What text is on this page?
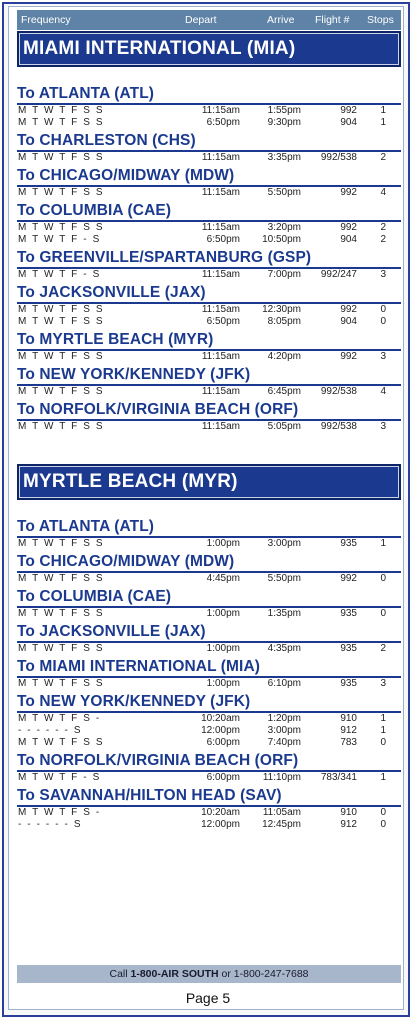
Frequency	Depart	Arrive Flight # Stops
MIAMI INTERNATIONAL (MIA)
To ATLANTA (ATL)
M T W T F S S	11:15am	1:55pm	992 1
M T W T F S S	6:50pm	9:30pm	904 1
To CHARLESTON (CHS)
M T W T F S S	11:15am	3:35pm 992/538 2
To CHICAGO/MIDWAY (MDW)
M T W T F S S	11:15am	5:50pm	992 4
To COLUMBIA (CAE)
M T W T F S S	11:15am	3:20pm	992 2
M T W T F - S	6:50pm 10:50pm	904 2
To GREENVILLE/SPARTANBURG (GSP)
M T W T F - S	11:15am	7:00pm 992/247 3
To JACKSONVILLE (JAX)
M T W T F S S	11:15am 12:30pm	992 0
M T W T F S S	6:50pm	8:05pm	904 0
To MYRTLE BEACH (MYR)
M T W T F S S	11:15am	4:20pm	992 3
To NEW YORK/KENNEDY (JFK)
M T W T F S S	11:15am	6:45pm 992/538 4
To NORFOLK/VIRGINIA BEACH (ORF)
M T W T F S S	11:15am	5:05pm 992/538 3
MYRTLE BEACH (MYR)
To ATLANTA (ATL)
M T W T F S S	1:00pm	3:00pm	935 1
To CHICAGO/MIDWAY (MDW)
M T W T F S S	4:45pm	5:50pm	992 0
To COLUMBIA (CAE)
M T W T F S S	1:00pm	1:35pm	935 0
To JACKSONVILLE (JAX)
M T W T F S S	1:00pm	4:35pm	935 2
To MIAMI INTERNATIONAL (MIA)
M T W T F S S	1:00pm	6:10pm	935 3
To NEW YORK/KENNEDY (JFK)
M T W T F S -	10:20am	1:20pm	910 1
- - - - - - S	12:00pm	3:00pm	912 1
M T W T F S S	6:00pm	7:40pm	783 0
To NORFOLK/VIRGINIA BEACH (ORF)
M T W T F - S	6:00pm 11:10pm 783/341 1
To SAVANNAH/HILTON HEAD (SAV)
M T W T F S -	10:20am 11:05am	910 0
- - - - - - S	12:00pm 12:45pm	912 0
Call 1-800-AIR SOUTH or 1-800-247-7688
Page 5
